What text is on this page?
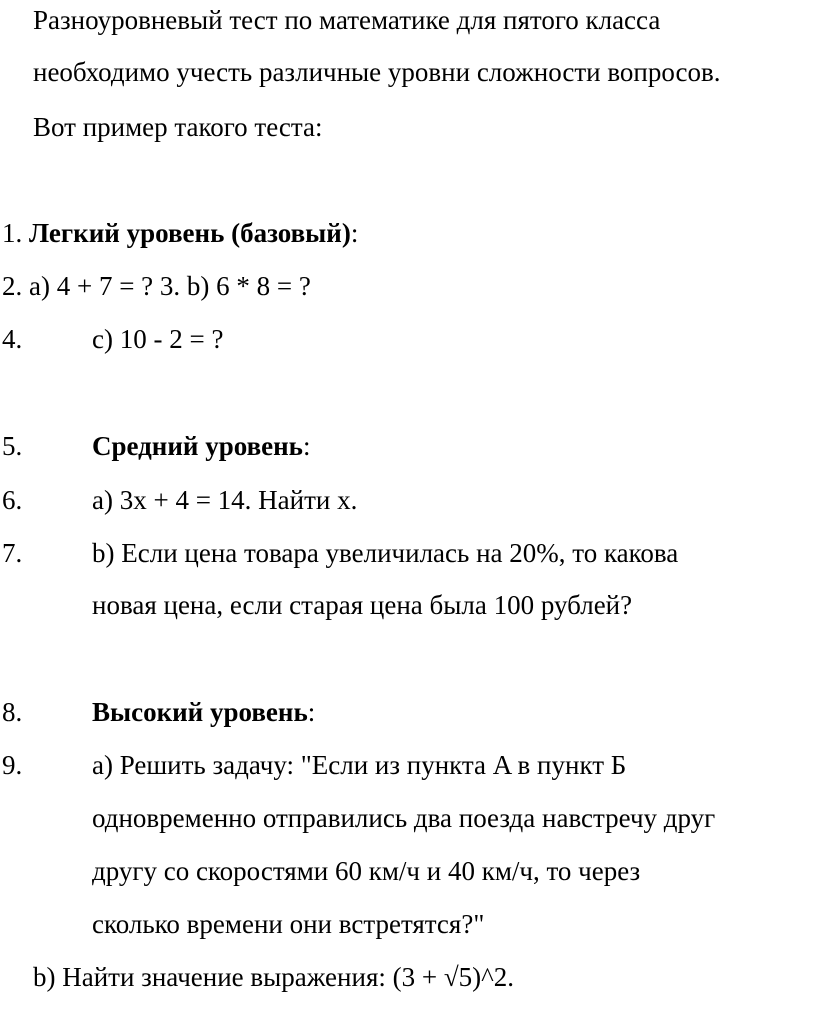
Разноуровневый тест по математике для пятого класса
необходимо учесть различные уровни сложности вопросов.
Вот пример такого теста:
1. Легкий уровень (базовый):
2. a) 4 + 7 = ? 3. b) 6 * 8 = ?
4.	c) 10 - 2 = ?
5.	Средний уровень:
6.	a) 3x + 4 = 14. Найти x.
7.	b) Если цена товара увеличилась на 20%, то какова
новая цена, если старая цена была 100 рублей?
8.	Высокий уровень:
9.	a) Решить задачу: "Если из пункта A в пункт Б
одновременно отправились два поезда навстречу друг
другу со скоростями 60 км/ч и 40 км/ч, то через
сколько времени они встретятся?"
b) Найти значение выражения: (3 + √5)^2.
